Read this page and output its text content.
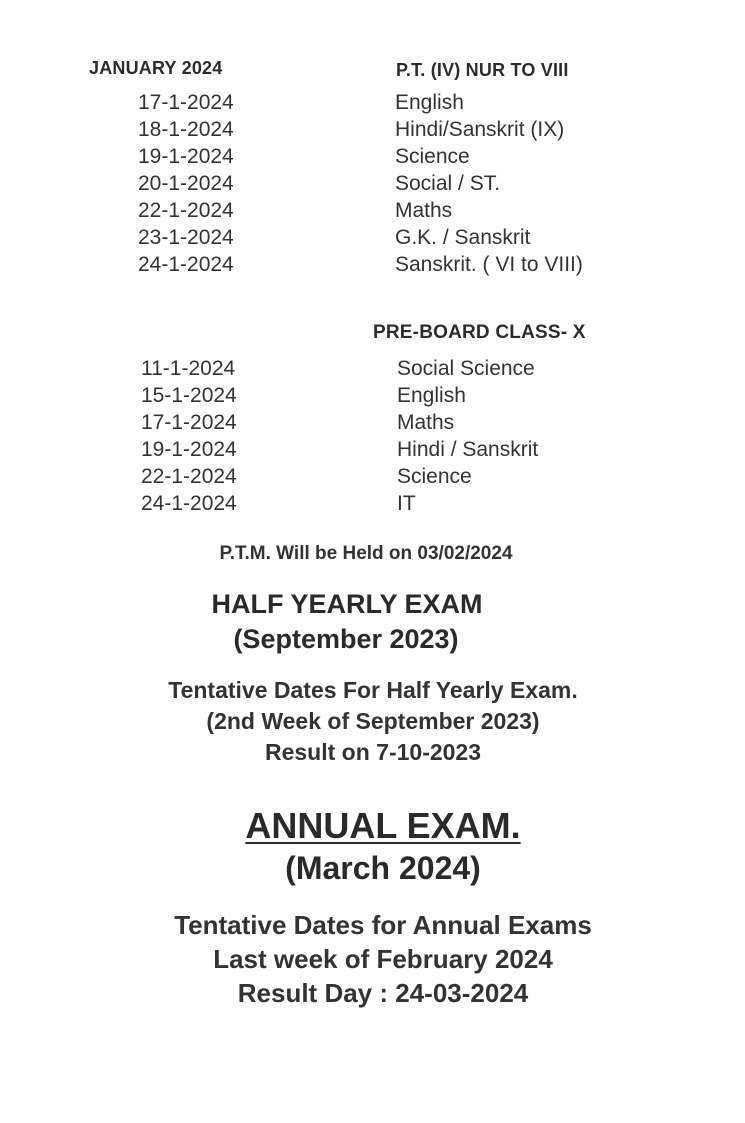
JANUARY 2024	P.T. (IV) NUR TO VIII
17-1-2024
18-1-2024
19-1-2024
20-1-2024
22-1-2024
23-1-2024
24-1-2024
English
Hindi/Sanskrit (IX)
Science
Social / ST.
Maths
G.K. / Sanskrit
Sanskrit. ( VI to VIII)
PRE-BOARD CLASS- X
11-1-2024
15-1-2024
17-1-2024
19-1-2024
22-1-2024
24-1-2024
Social Science
English
Maths
Hindi / Sanskrit
Science
IT
P.T.M. Will be Held on 03/02/2024
HALF YEARLY EXAM
(September 2023)
Tentative Dates For Half Yearly Exam.
(2nd Week of September 2023)
Result on 7-10-2023
ANNUAL EXAM.
(March 2024)
Tentative Dates for Annual Exams
Last week of February 2024
Result Day : 24-03-2024
